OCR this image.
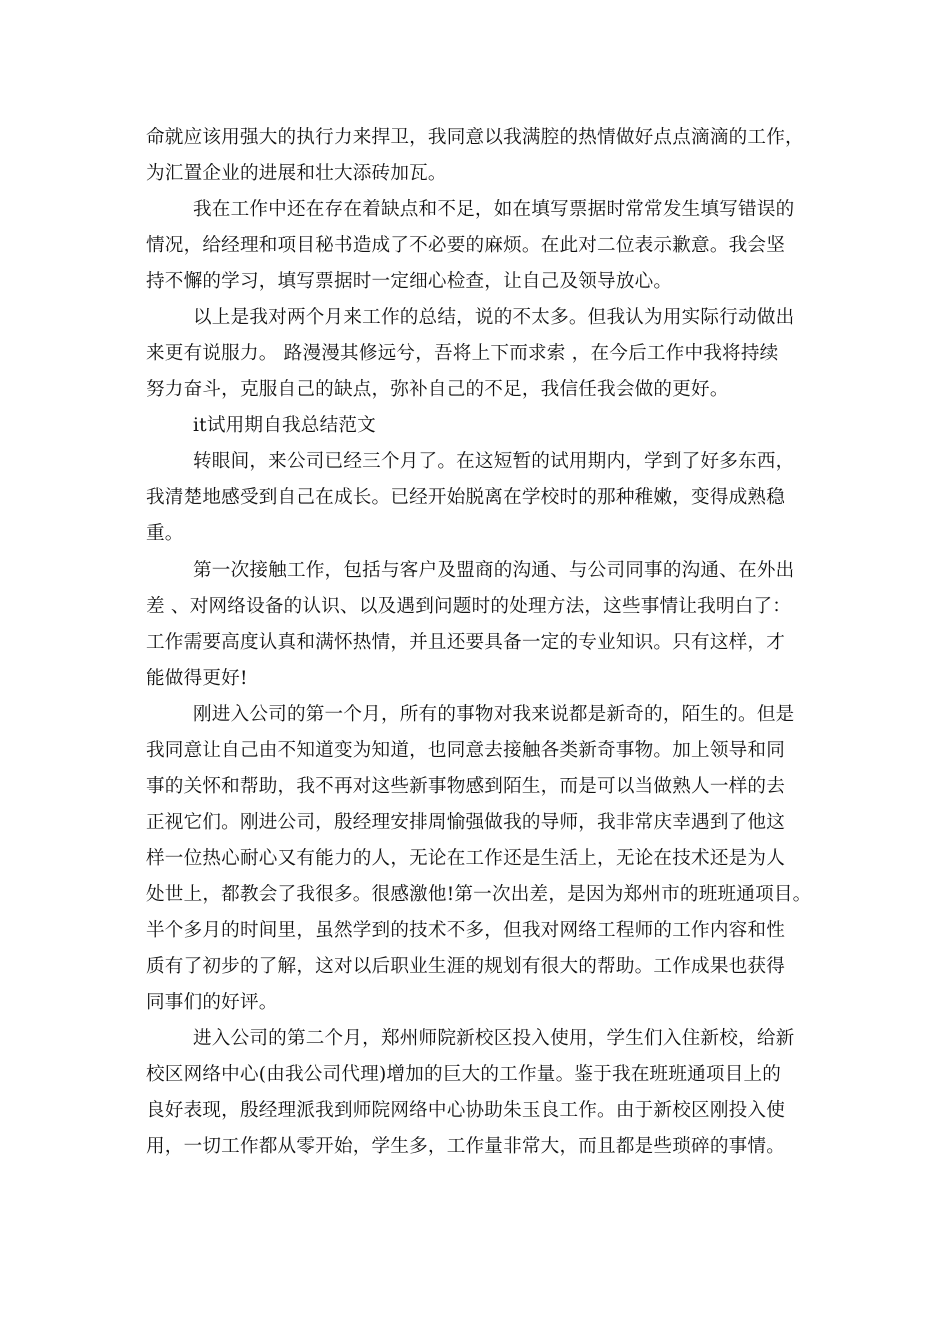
命就应该用强大的执行力来捍卫，我同意以我满腔的热情做好点点滴滴的工作，
为汇置企业的进展和壮大添砖加瓦。
我在工作中还在存在着缺点和不足，如在填写票据时常常发生填写错误的
情况，给经理和项目秘书造成了不必要的麻烦。在此对二位表示歉意。我会坚
持不懈的学习，填写票据时一定细心检查，让自己及领导放心。
以上是我对两个月来工作的总结，说的不太多。但我认为用实际行动做出
来更有说服力。 路漫漫其修远兮，吾将上下而求索 ，在今后工作中我将持续
努力奋斗，克服自己的缺点，弥补自己的不足，我信任我会做的更好。
it试用期自我总结范文
转眼间，来公司已经三个月了。在这短暂的试用期内，学到了好多东西，
我清楚地感受到自己在成长。已经开始脱离在学校时的那种稚嫩，变得成熟稳
重。
第一次接触工作，包括与客户及盟商的沟通、与公司同事的沟通、在外出
差 、对网络设备的认识、以及遇到问题时的处理方法，这些事情让我明白了：
工作需要高度认真和满怀热情，并且还要具备一定的专业知识。只有这样，才
能做得更好!
刚进入公司的第一个月，所有的事物对我来说都是新奇的，陌生的。但是
我同意让自己由不知道变为知道，也同意去接触各类新奇事物。加上领导和同
事的关怀和帮助，我不再对这些新事物感到陌生，而是可以当做熟人一样的去
正视它们。刚进公司，殷经理安排周愉强做我的导师，我非常庆幸遇到了他这
样一位热心耐心又有能力的人，无论在工作还是生活上，无论在技术还是为人
处世上，都教会了我很多。很感激他!第一次出差，是因为郑州市的班班通项目。
半个多月的时间里，虽然学到的技术不多，但我对网络工程师的工作内容和性
质有了初步的了解，这对以后职业生涯的规划有很大的帮助。工作成果也获得
同事们的好评。
进入公司的第二个月，郑州师院新校区投入使用，学生们入住新校，给新
校区网络中心(由我公司代理)增加的巨大的工作量。鉴于我在班班通项目上的
良好表现，殷经理派我到师院网络中心协助朱玉良工作。由于新校区刚投入使
用，一切工作都从零开始，学生多，工作量非常大，而且都是些琐碎的事情。
